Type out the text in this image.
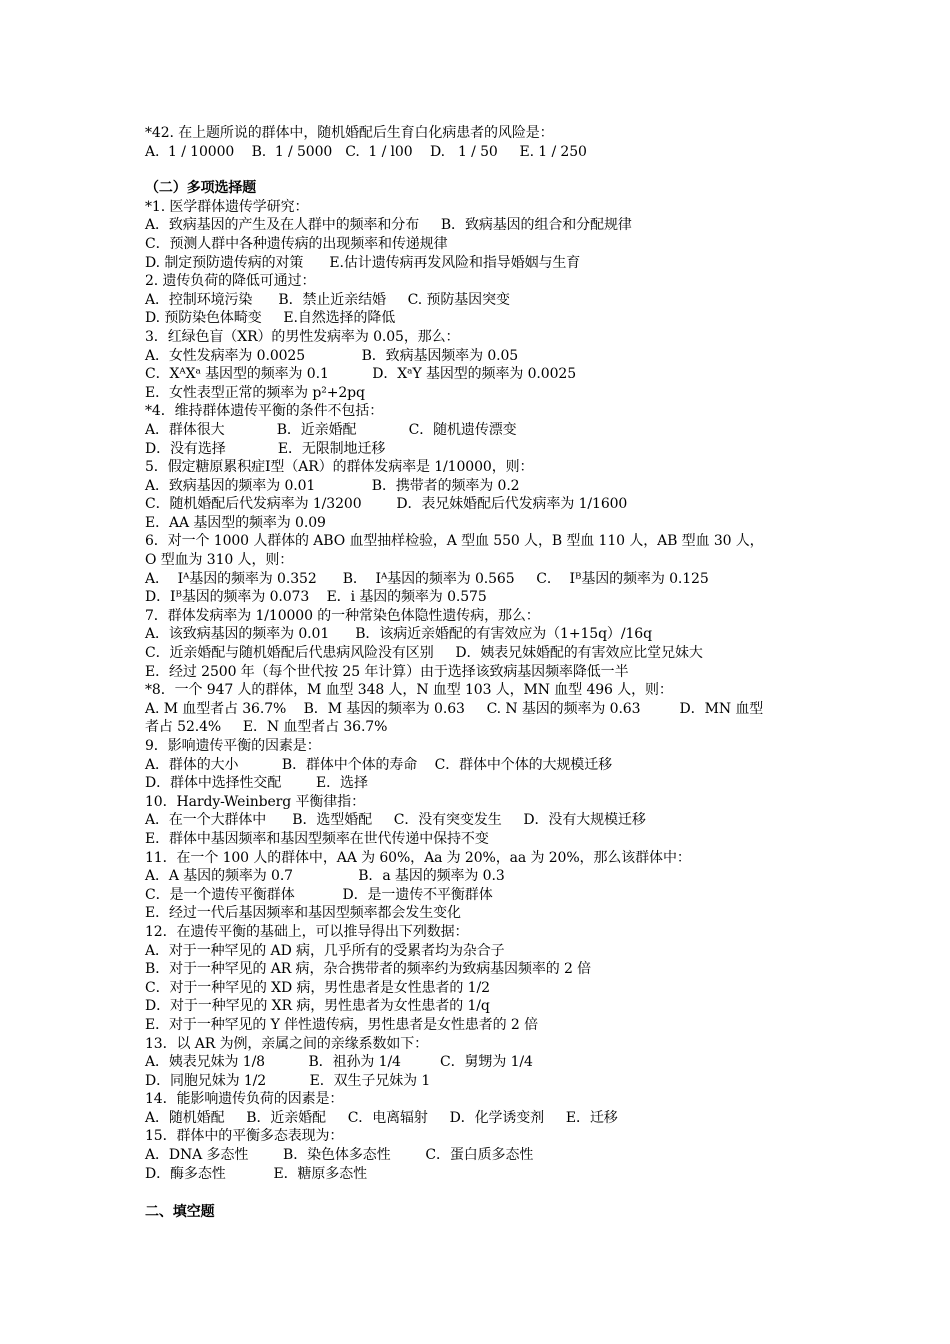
*42. 在上题所说的群体中，随机婚配后生育白化病患者的风险是：

A.  1 / 10000    B.  1 / 5000   C.  1 / l00    D.   1 / 50     E. 1 / 250

（二）多项选择题

*1. 医学群体遗传学研究：

A．致病基因的产生及在人群中的频率和分布     B．致病基因的组合和分配规律

C．预测人群中各种遗传病的出现频率和传递规律

D. 制定预防遗传病的对策      E.估计遗传病再发风险和指导婚姻与生育

2. 遗传负荷的降低可通过：

A．控制环境污染      B．禁止近亲结婚     C. 预防基因突变

D. 预防染色体畸变     E.自然选择的降低

3．红绿色盲（XR）的男性发病率为 0.05，那么：

A．女性发病率为 0.0025             B．致病基因频率为 0.05

C．XᴬXᵃ 基因型的频率为 0.1          D．XᵃY 基因型的频率为 0.0025

E．女性表型正常的频率为 p²+2pq

*4．维持群体遗传平衡的条件不包括：

A．群体很大            B．近亲婚配            C．随机遗传漂变

D．没有选择            E．无限制地迁移

5．假定糖原累积症Ⅰ型（AR）的群体发病率是 1/10000，则：

A．致病基因的频率为 0.01             B．携带者的频率为 0.2

C．随机婚配后代发病率为 1/3200        D．表兄妹婚配后代发病率为 1/1600

E．AA 基因型的频率为 0.09

6．对一个 1000 人群体的 ABO 血型抽样检验，A 型血 550 人，B 型血 110 人，AB 型血 30 人，

O 型血为 310 人，则：

A．  Ⅰᴬ基因的频率为 0.352      B．  Ⅰᴬ基因的频率为 0.565     C．  Ⅰᴮ基因的频率为 0.125

D．Ⅰᴮ基因的频率为 0.073    E．i 基因的频率为 0.575

7．群体发病率为 1/10000 的一种常染色体隐性遗传病，那么：

A．该致病基因的频率为 0.01      B．该病近亲婚配的有害效应为（1+15q）/16q

C．近亲婚配与随机婚配后代患病风险没有区别     D．姨表兄妹婚配的有害效应比堂兄妹大

E．经过 2500 年（每个世代按 25 年计算）由于选择该致病基因频率降低一半

*8．一个 947 人的群体，M 血型 348 人，N 血型 103 人，MN 血型 496 人，则：

A. M 血型者占 36.7%    B．M 基因的频率为 0.63     C. N 基因的频率为 0.63         D．MN 血型

者占 52.4%     E．N 血型者占 36.7%

9．影响遗传平衡的因素是：

A．群体的大小          B．群体中个体的寿命    C．群体中个体的大规模迁移

D．群体中选择性交配        E．选择

10．Hardy-Weinberg 平衡律指：

A．在一个大群体中      B．选型婚配     C．没有突变发生     D．没有大规模迁移

E．群体中基因频率和基因型频率在世代传递中保持不变

11．在一个 100 人的群体中，AA 为 60%，Aa 为 20%，aa 为 20%，那么该群体中：

A．A 基因的频率为 0.7               B．a 基因的频率为 0.3

C．是一个遗传平衡群体           D．是一遗传不平衡群体

E．经过一代后基因频率和基因型频率都会发生变化

12．在遗传平衡的基础上，可以推导得出下列数据：

A．对于一种罕见的 AD 病，几乎所有的受累者均为杂合子

B．对于一种罕见的 AR 病，杂合携带者的频率约为致病基因频率的 2 倍

C．对于一种罕见的 XD 病，男性患者是女性患者的 1/2

D．对于一种罕见的 XR 病，男性患者为女性患者的 1/q

E．对于一种罕见的 Y 伴性遗传病，男性患者是女性患者的 2 倍

13．以 AR 为例，亲属之间的亲缘系数如下：

A．姨表兄妹为 1/8          B．祖孙为 1/4         C．舅甥为 1/4

D．同胞兄妹为 1/2          E．双生子兄妹为 1

14．能影响遗传负荷的因素是：

A．随机婚配     B．近亲婚配     C．电离辐射     D．化学诱变剂     E．迁移

15．群体中的平衡多态表现为：

A．DNA 多态性        B．染色体多态性        C．蛋白质多态性

D．酶多态性           E．糖原多态性

二、填空题
